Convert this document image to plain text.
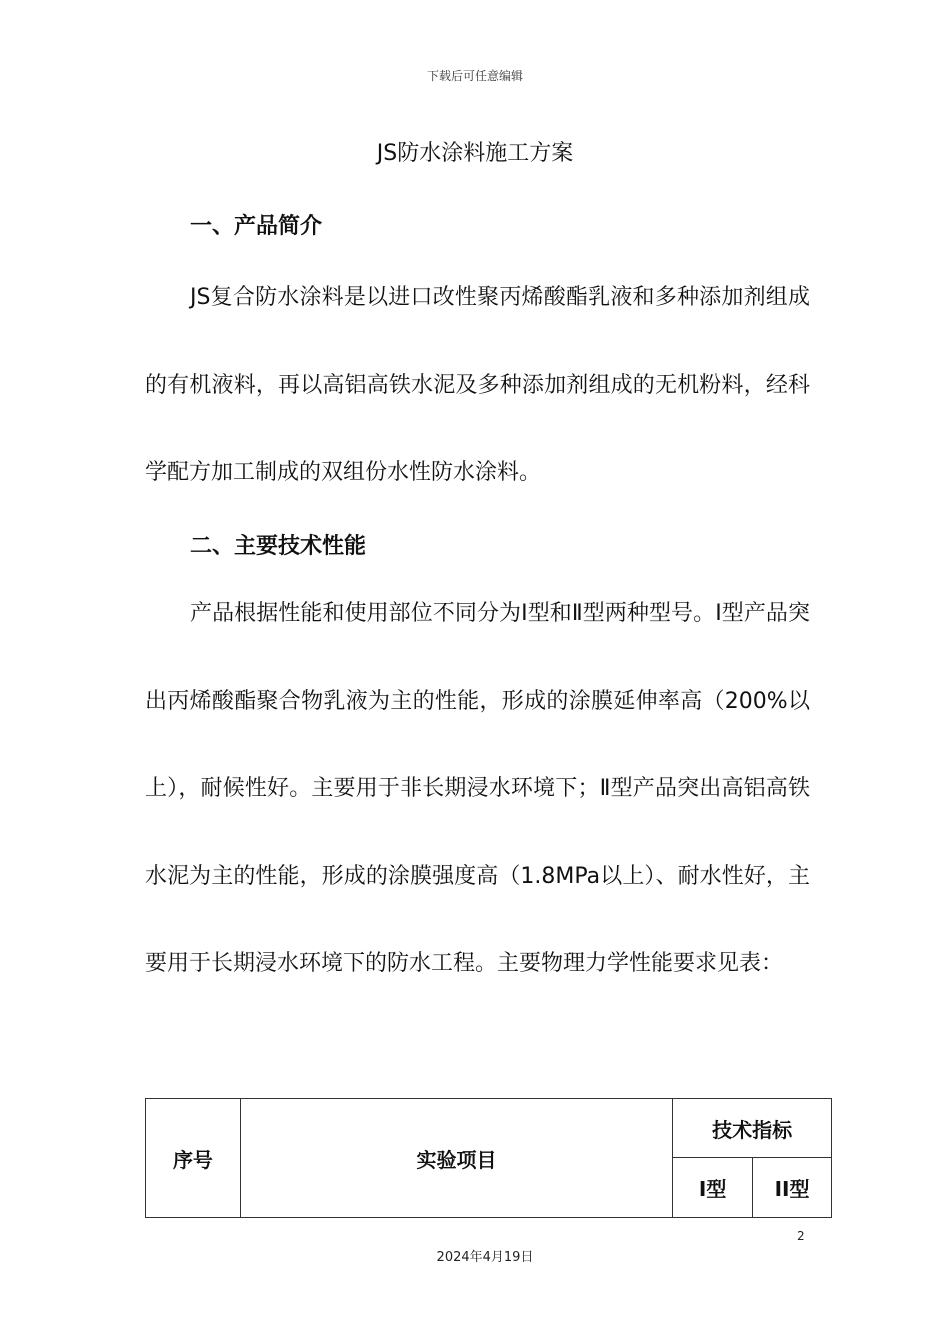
下载后可任意编辑
JS防水涂料施工方案
一、产品简介

JS复合防水涂料是以进口改性聚丙烯酸酯乳液和多种添加剂组成的有机液料，再以高铝高铁水泥及多种添加剂组成的无机粉料，经科学配方加工制成的双组份水性防水涂料。

二、主要技术性能

产品根据性能和使用部位不同分为Ⅰ型和Ⅱ型两种型号。Ⅰ型产品突出丙烯酸酯聚合物乳液为主的性能，形成的涂膜延伸率高（200%以上），耐候性好。主要用于非长期浸水环境下；Ⅱ型产品突出高铝高铁水泥为主的性能，形成的涂膜强度高（1.8MPa以上）、耐水性好，主要用于长期浸水环境下的防水工程。主要物理力学性能要求见表：

序号	实验项目	技术指标	
		I型	II型
2
2024年4月19日
